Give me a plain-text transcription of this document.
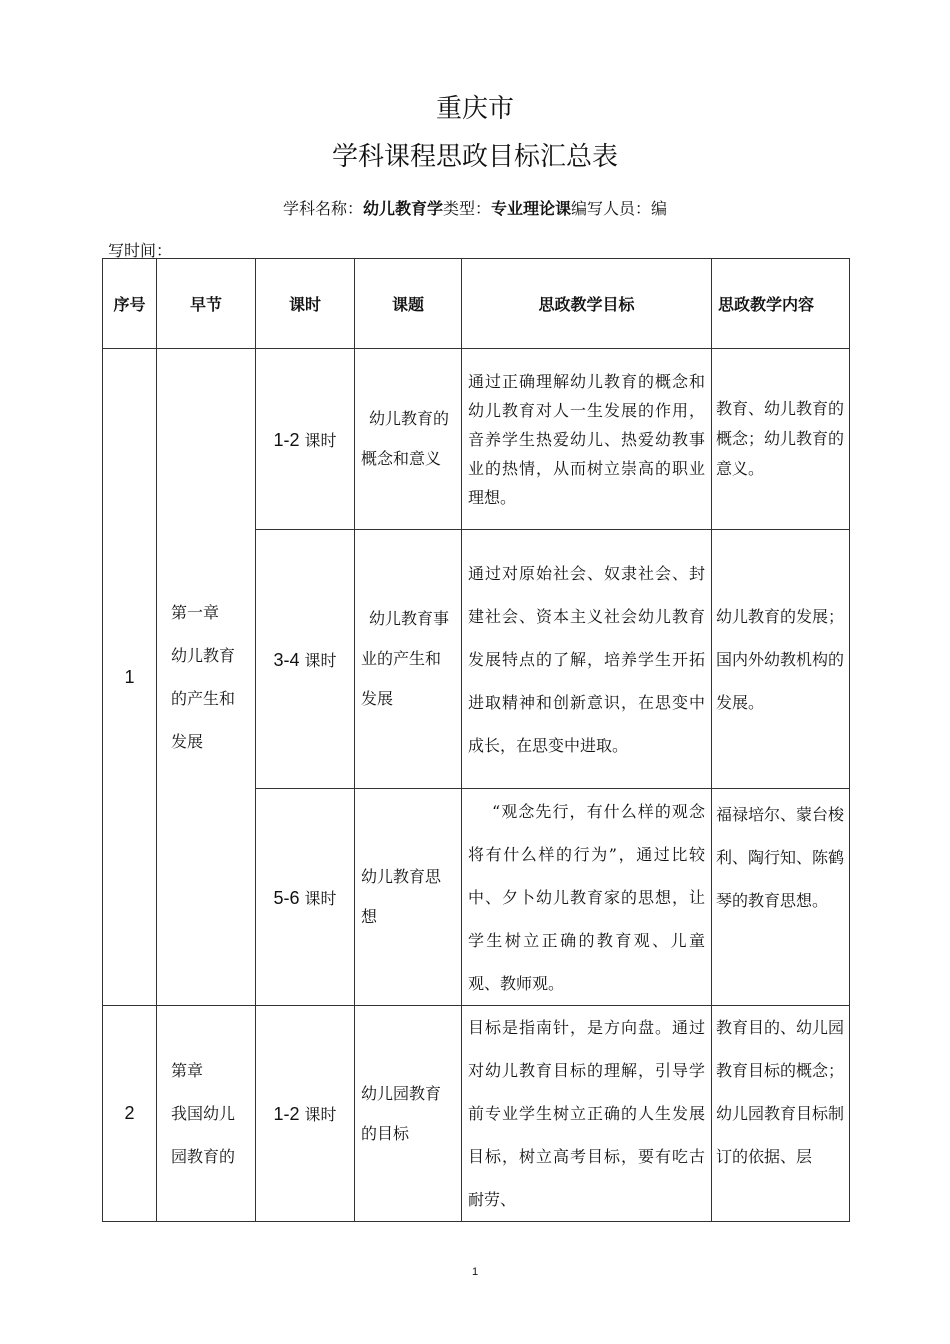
重庆市
学科课程思政目标汇总表
学科名称：幼儿教育学类型：专业理论课编写人员：编
写时间：
序号	早节	课时	课题	思政教学目标	思政教学内容
1	第一章
幼儿教育
的产生和
发展	1-2 课时	幼儿教育的概念和意义	通过正确理解幼儿教育的概念和幼儿教育对人一生发展的作用，音养学生热爱幼儿、热爱幼教事业的热情，从而树立崇高的职业理想。	教育、幼儿教育的概念；幼儿教育的意义。
		3-4 课时	幼儿教育事业的产生和发展	通过对原始社会、奴隶社会、封建社会、资本主义社会幼儿教育发展特点的了解，培养学生开拓进取精神和创新意识，在思变中成长，在思变中进取。	幼儿教育的发展；国内外幼教机构的发展。
		5-6 课时	幼儿教育思想	“观念先行，有什么样的观念将有什么样的行为”，通过比较中、夕卜幼儿教育家的思想，让学生树立正确的教育观、儿童观、教师观。	福禄培尔、蒙台梭利、陶行知、陈鹤琴的教育思想。
2	第章
我国幼儿
园教育的	1-2 课时	幼儿园教育的目标	目标是指南针，是方向盘。通过对幼儿教育目标的理解，引导学前专业学生树立正确的人生发展目标，树立高考目标，要有吃古耐劳、	教育目的、幼儿园教育目标的概念；幼儿园教育目标制订的依据、层
1
